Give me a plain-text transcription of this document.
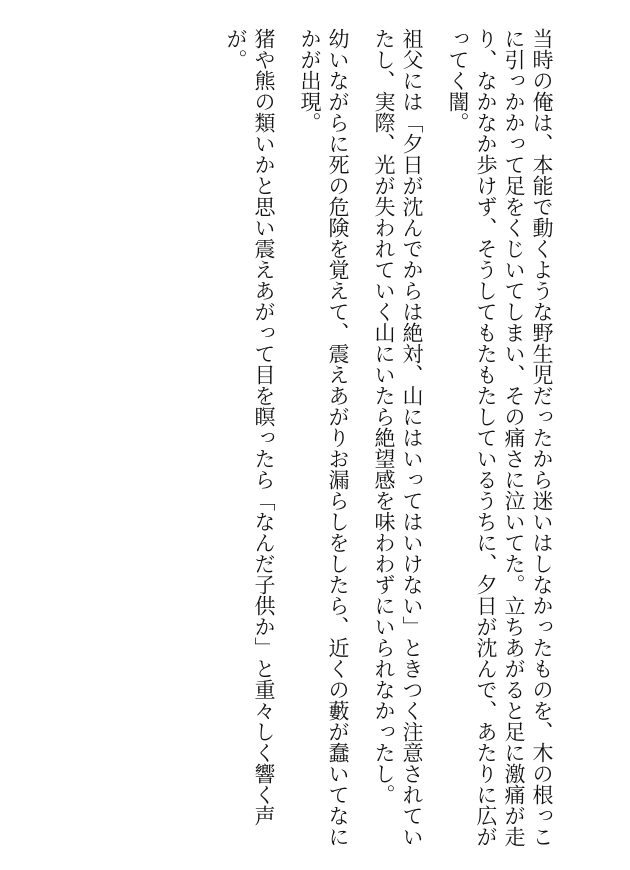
当時の俺は、本能で動くような野生児だったから迷いはしなかったものを、木の根っこに引っかかって足をくじいてしまい、その痛さに泣いてた。立ちあがると足に激痛が走り、なかなか歩けず、そうしてもたもたしているうちに、夕日が沈んで、あたりに広がってく闇。

祖父には「夕日が沈んでからは絶対、山にはいってはいけない」ときつく注意されていたし、実際、光が失われていく山にいたら絶望感を味わわずにいられなかったし。

幼いながらに死の危険を覚えて、震えあがりお漏らしをしたら、近くの藪が蠢いてなにかが出現。

猪や熊の類いかと思い震えあがって目を瞑ったら「なんだ子供か」と重々しく響く声が。
